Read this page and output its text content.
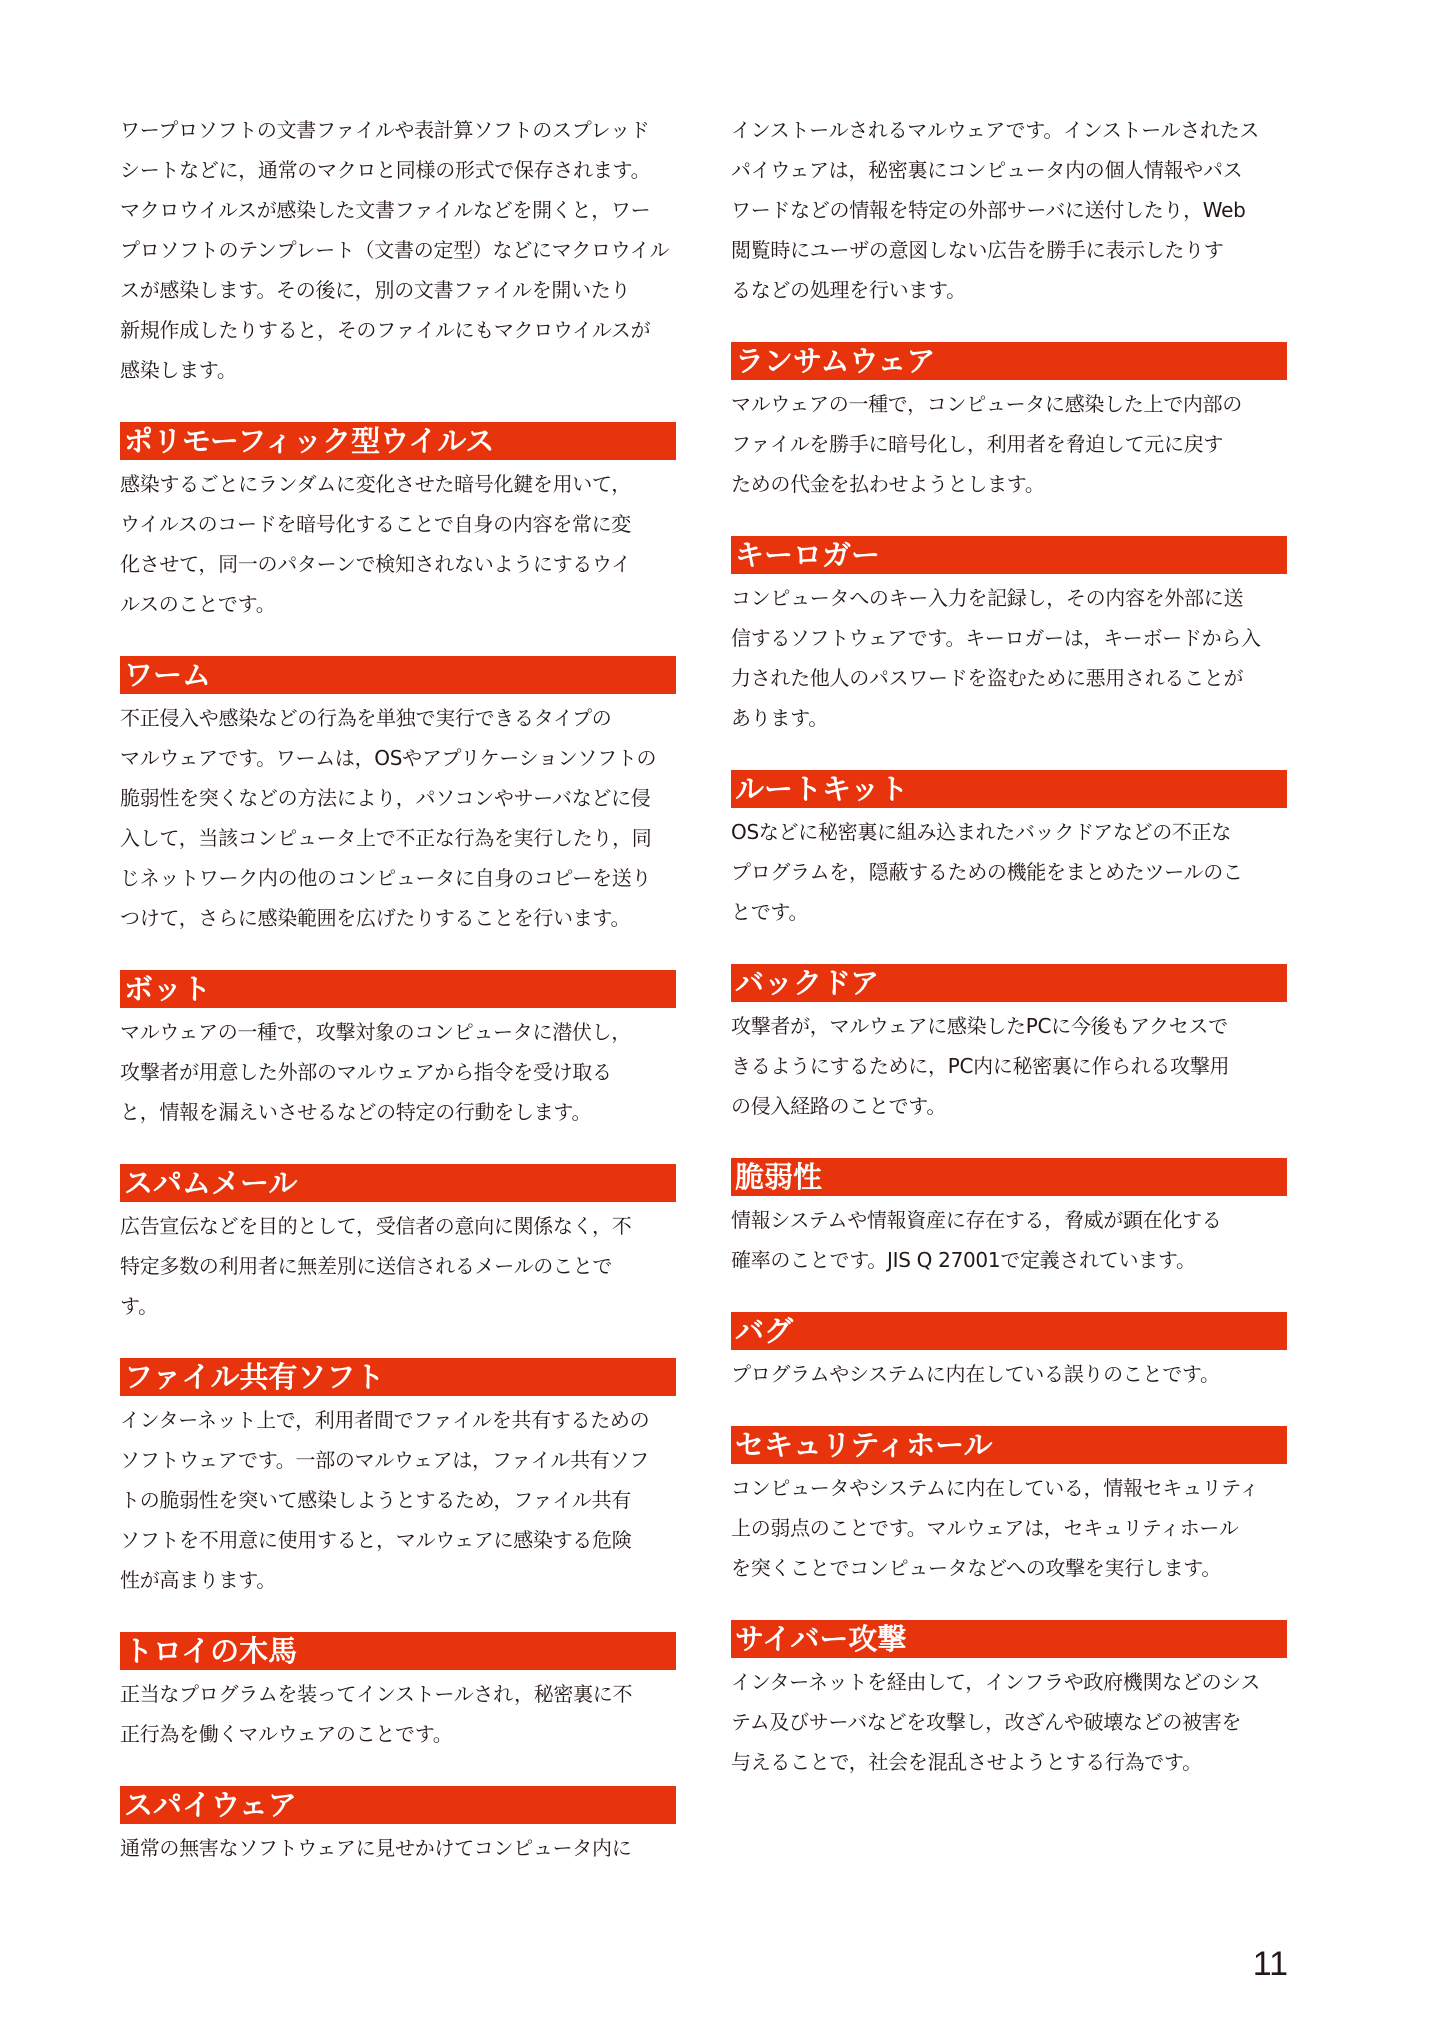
ワープロソフトの文書ファイルや表計算ソフトのスプレッド
シートなどに，通常のマクロと同様の形式で保存されます。
マクロウイルスが感染した文書ファイルなどを開くと，ワー
プロソフトのテンプレート（文書の定型）などにマクロウイル
スが感染します。その後に，別の文書ファイルを開いたり
新規作成したりすると，そのファイルにもマクロウイルスが
感染します。
ポリモーフィック型ウイルス
感染するごとにランダムに変化させた暗号化鍵を用いて，
ウイルスのコードを暗号化することで自身の内容を常に変
化させて，同一のパターンで検知されないようにするウイ
ルスのことです。
ワーム
不正侵入や感染などの行為を単独で実行できるタイプの
マルウェアです。ワームは，OSやアプリケーションソフトの
脆弱性を突くなどの方法により，パソコンやサーバなどに侵
入して，当該コンピュータ上で不正な行為を実行したり，同
じネットワーク内の他のコンピュータに自身のコピーを送り
つけて，さらに感染範囲を広げたりすることを行います。
ボット
マルウェアの一種で，攻撃対象のコンピュータに潜伏し，
攻撃者が用意した外部のマルウェアから指令を受け取る
と，情報を漏えいさせるなどの特定の行動をします。
スパムメール
広告宣伝などを目的として，受信者の意向に関係なく，不
特定多数の利用者に無差別に送信されるメールのことで
す。
ファイル共有ソフト
インターネット上で，利用者間でファイルを共有するための
ソフトウェアです。一部のマルウェアは，ファイル共有ソフ
トの脆弱性を突いて感染しようとするため，ファイル共有
ソフトを不用意に使用すると，マルウェアに感染する危険
性が高まります。
トロイの木馬
正当なプログラムを装ってインストールされ，秘密裏に不
正行為を働くマルウェアのことです。
スパイウェア
通常の無害なソフトウェアに見せかけてコンピュータ内に
インストールされるマルウェアです。インストールされたス
パイウェアは，秘密裏にコンピュータ内の個人情報やパス
ワードなどの情報を特定の外部サーバに送付したり，Web
閲覧時にユーザの意図しない広告を勝手に表示したりす
るなどの処理を行います。
ランサムウェア
マルウェアの一種で，コンピュータに感染した上で内部の
ファイルを勝手に暗号化し，利用者を脅迫して元に戻す
ための代金を払わせようとします。
キーロガー
コンピュータへのキー入力を記録し，その内容を外部に送
信するソフトウェアです。キーロガーは，キーボードから入
力された他人のパスワードを盗むために悪用されることが
あります。
ルートキット
OSなどに秘密裏に組み込まれたバックドアなどの不正な
プログラムを，隠蔽するための機能をまとめたツールのこ
とです。
バックドア
攻撃者が，マルウェアに感染したPCに今後もアクセスで
きるようにするために，PC内に秘密裏に作られる攻撃用
の侵入経路のことです。
脆弱性
情報システムや情報資産に存在する，脅威が顕在化する
確率のことです。JIS Q 27001で定義されています。
バグ
プログラムやシステムに内在している誤りのことです。
セキュリティホール
コンピュータやシステムに内在している，情報セキュリティ
上の弱点のことです。マルウェアは，セキュリティホール
を突くことでコンピュータなどへの攻撃を実行します。
サイバー攻撃
インターネットを経由して，インフラや政府機関などのシス
テム及びサーバなどを攻撃し，改ざんや破壊などの被害を
与えることで，社会を混乱させようとする行為です。
11
